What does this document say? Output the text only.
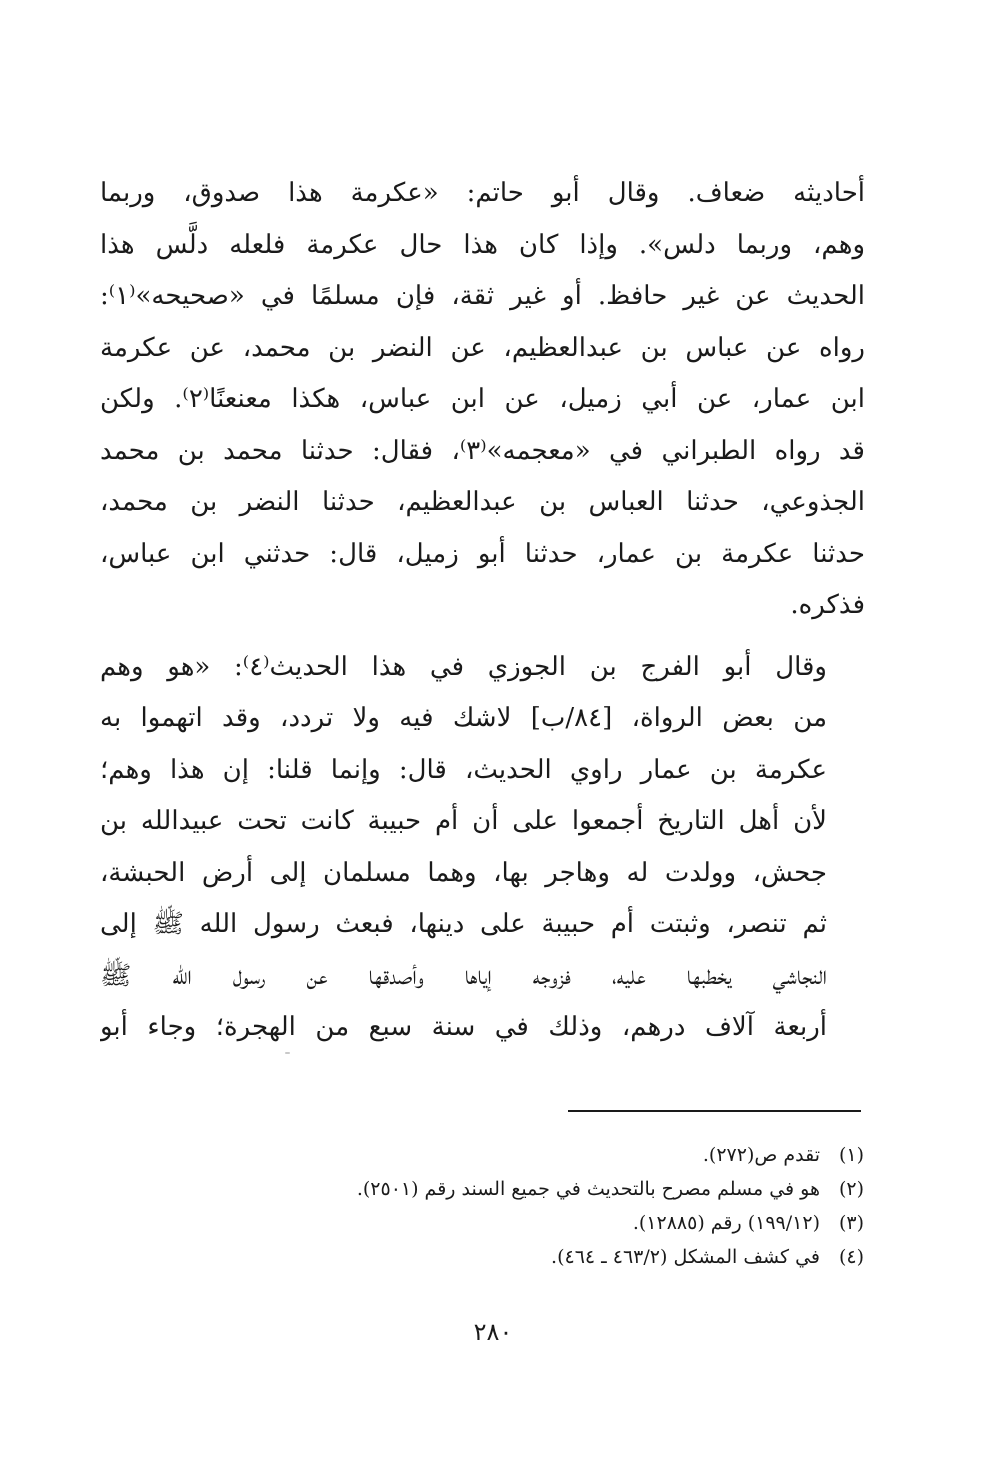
أحاديثه ضعاف. وقال أبو حاتم: «عكرمة هذا صدوق، وربما
وهم، وربما دلس». وإذا كان هذا حال عكرمة فلعله دلَّس هذا
الحديث عن غير حافظ. أو غير ثقة، فإن مسلمًا في «صحيحه»⁽١⁾:
رواه عن عباس بن عبدالعظيم، عن النضر بن محمد، عن عكرمة
ابن عمار، عن أبي زميل، عن ابن عباس، هكذا معنعنًا⁽٢⁾. ولكن
قد رواه الطبراني في «معجمه»⁽٣⁾، فقال: حدثنا محمد بن محمد
الجذوعي، حدثنا العباس بن عبدالعظيم، حدثنا النضر بن محمد،
حدثنا عكرمة بن عمار، حدثنا أبو زميل، قال: حدثني ابن عباس،
فذكره.

وقال أبو الفرج بن الجوزي في هذا الحديث⁽٤⁾: «هو وهم
من بعض الرواة، [٨٤/ب] لاشك فيه ولا تردد، وقد اتهموا به
عكرمة بن عمار راوي الحديث، قال: وإنما قلنا: إن هذا وهم؛
لأن أهل التاريخ أجمعوا على أن أم حبيبة كانت تحت عبيدالله بن
جحش، وولدت له وهاجر بها، وهما مسلمان إلى أرض الحبشة،
ثم تنصر، وثبتت أم حبيبة على دينها، فبعث رسول الله ﷺ إلى
النجاشي يخطبها عليه، فزوجه إياها وأصدقها عن رسول الله ﷺ
أربعة آلاف درهم، وذلك في سنة سبع من الهجرة؛ وجاء أبو

(١)تقدم ص(٢٧٢).
(٢)هو في مسلم مصرح بالتحديث في جميع السند رقم (٢٥٠١).
(٣)(١٩٩/١٢) رقم (١٢٨٨٥).
(٤)في كشف المشكل (٤٦٣/٢ ـ ٤٦٤).
٢٨٠
